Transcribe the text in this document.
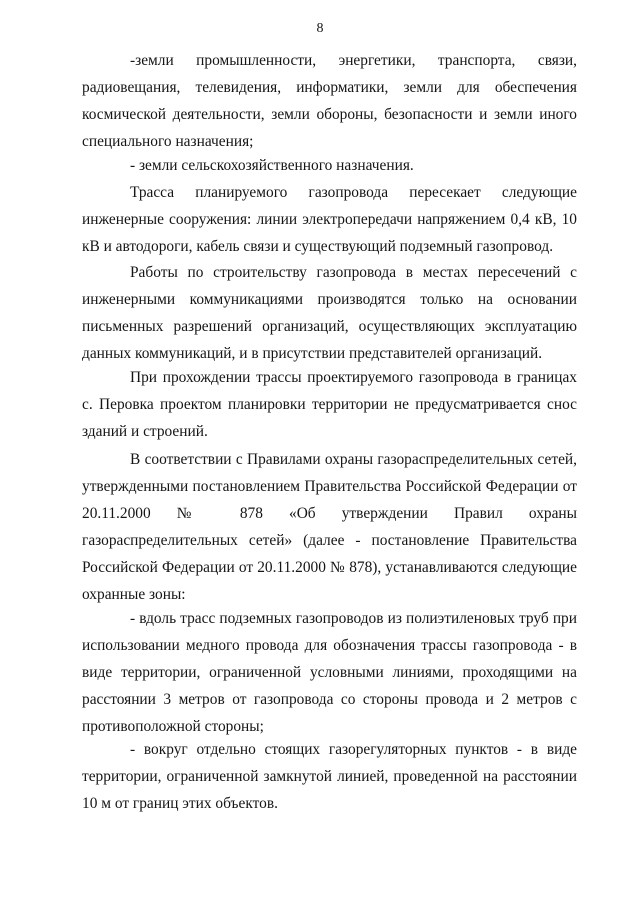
8

-земли промышленности, энергетики, транспорта, связи, радиовещания, телевидения, информатики, земли для обеспечения космической деятельности, земли обороны, безопасности и земли иного специального назначения;

- земли сельскохозяйственного назначения.

Трасса планируемого газопровода пересекает следующие инженерные сооружения: линии электропередачи напряжением 0,4 кВ, 10 кВ и автодороги, кабель связи и существующий подземный газопровод.

Работы по строительству газопровода в местах пересечений с инженерными коммуникациями производятся только на основании письменных разрешений организаций, осуществляющих эксплуатацию данных коммуникаций, и в присутствии представителей организаций.

При прохождении трассы проектируемого газопровода в границах с. Перовка проектом планировки территории не предусматривается снос зданий и строений.

В соответствии с Правилами охраны газораспределительных сетей, утвержденными постановлением Правительства Российской Федерации от 20.11.2000 № 878 «Об утверждении Правил охраны газораспределительных сетей» (далее - постановление Правительства Российской Федерации от 20.11.2000 № 878), устанавливаются следующие охранные зоны:

- вдоль трасс подземных газопроводов из полиэтиленовых труб при использовании медного провода для обозначения трассы газопровода - в виде территории, ограниченной условными линиями, проходящими на расстоянии 3 метров от газопровода со стороны провода и 2 метров с противоположной стороны;

- вокруг отдельно стоящих газорегуляторных пунктов - в виде территории, ограниченной замкнутой линией, проведенной на расстоянии 10 м от границ этих объектов.
